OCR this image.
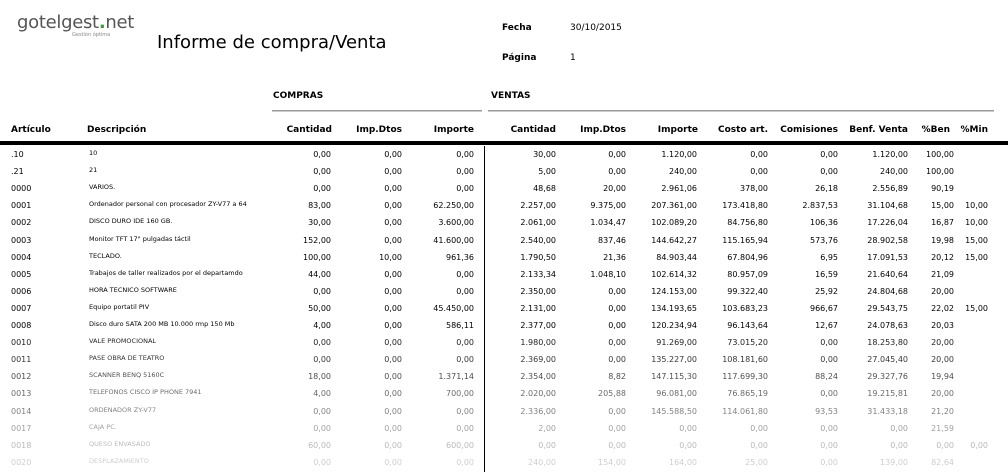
gotelgest.net
Gestión óptima	Informe de compra/Venta
Fecha	30/10/2015
Página	1
COMPRAS	VENTAS
Artículo	Descripción	Cantidad	Imp.Dtos	Importe	Cantidad	Imp.Dtos	Importe	Costo art.	Comisiones	Benf. Venta	%Ben	%Min
.10	10	0,00	0,00	0,00	30,00	0,00	1.120,00	0,00	0,00	1.120,00 100,00
.21	21	0,00	0,00	0,00	5,00	0,00	240,00	0,00	0,00	240,00 100,00
0000	VARIOS.	0,00	0,00	0,00	48,68	20,00	2.961,06	378,00	26,18	2.556,89	90,19
0001	Ordenador personal con procesador ZY-V77 a 64	83,00	0,00	62.250,00	2.257,00	9.375,00	207.361,00	173.418,80	2.837,53	31.104,68	15,00 10,00
0002	DISCO DURO IDE 160 GB.	30,00	0,00	3.600,00	2.061,00	1.034,47	102.089,20	84.756,80	106,36	17.226,04	16,87 10,00
0003	Monitor TFT 17" pulgadas táctil	152,00	0,00	41.600,00	2.540,00	837,46	144.642,27	115.165,94	573,76	28.902,58	19,98 15,00
0004	TECLADO.	100,00	10,00	961,36	1.790,50	21,36	84.903,44	67.804,96	6,95	17.091,53	20,12 15,00
0005	Trabajos de taller realizados por el departamdo	44,00	0,00	0,00	2.133,34	1.048,10	102.614,32	80.957,09	16,59	21.640,64	21,09
0006	HORA TECNICO SOFTWARE	0,00	0,00	0,00	2.350,00	0,00	124.153,00	99.322,40	25,92	24.804,68	20,00
0007	Equipo portatil PIV	50,00	0,00	45.450,00	2.131,00	0,00	134.193,65	103.683,23	966,67	29.543,75	22,02 15,00
0008	Disco duro SATA 200 MB 10.000 rmp 150 Mb	4,00	0,00	586,11	2.377,00	0,00	120.234,94	96.143,64	12,67	24.078,63	20,03
0010	VALE PROMOCIONAL	0,00	0,00	0,00	1.980,00	0,00	91.269,00	73.015,20	0,00	18.253,80	20,00
0011	PASE OBRA DE TEATRO	0,00	0,00	0,00	2.369,00	0,00	135.227,00	108.181,60	0,00	27.045,40	20,00
0012	SCANNER BENQ 5160C	18,00	0,00	1.371,14	2.354,00	8,82	147.115,30	117.699,30	88,24	29.327,76	19,94
0013	TELEFONOS CISCO IP PHONE 7941	4,00	0,00	700,00	2.020,00	205,88	96.081,00	76.865,19	0,00	19.215,81	20,00
0014	ORDENADOR ZY-V77	0,00	0,00	0,00	2.336,00	0,00	145.588,50	114.061,80	93,53	31.433,18	21,20
0017	CAJA PC.	0,00	0,00	0,00	2,00	0,00	0,00	0,00	0,00	0,00	21,59
0018	QUESO ENVASADO	60,00	0,00	600,00	0,00	0,00	0,00	0,00	0,00	0,00	0,00 0,00
0020	DESPLAZAMIENTO	0,00	0,00	0,00	240,00	154,00	164,00	25,00	0,00	139,00	82,64
